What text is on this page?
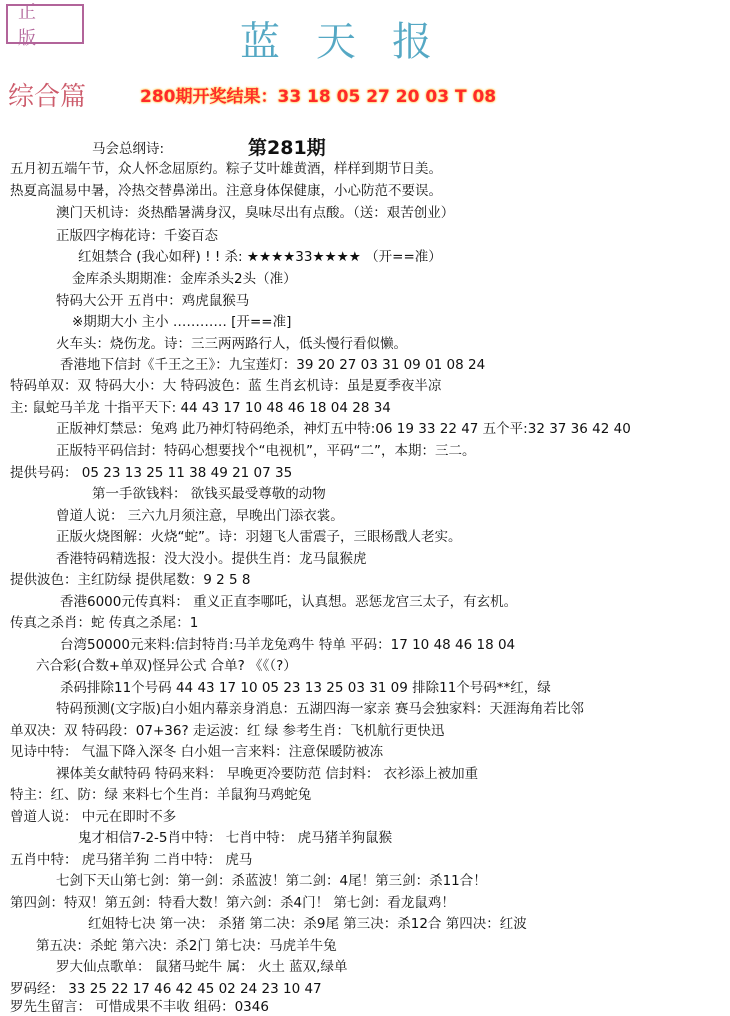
正 版	蓝天报
综合篇	280期开奖结果：33 18 05 27 20 03 T 08
第281期
马会总纲诗:
五月初五端午节，众人怀念屈原约。粽子艾叶雄黄酒，样样到期节日美。
热夏高温易中暑，冷热交替鼻涕出。注意身体保健康，小心防范不要误。
澳门天机诗：炎热酷暑满身汉，臭味尽出有点酸。（送：艰苦创业）
正版四字梅花诗：千姿百态
红姐禁合 (我心如秤) ! ! 杀: ★★★★33★★★★ （开==准）
金库杀头期期准：金库杀头2头（准）
特码大公开 五肖中：鸡虎鼠猴马
※期期大小 主小 ………… [开==准]
火车头：烧伤龙。诗：三三两两路行人，低头慢行看似懒。
香港地下信封《千王之王》：九宝莲灯：39 20 27 03 31 09 01 08 24
特码单双：双 特码大小：大 特码波色：蓝 生肖玄机诗：虽是夏季夜半凉
主: 鼠蛇马羊龙 十指平天下: 44 43 17 10 48 46 18 04 28 34
正版神灯禁忌：兔鸡 此乃神灯特码绝杀，神灯五中特:06 19 33 22 47 五个平:32 37 36 42 40
正版特平码信封：特码心想要找个“电视机”，平码“二”，本期：三二。
提供号码： 05 23 13 25 11 38 49 21 07 35
第一手欲钱料： 欲钱买最受尊敬的动物
曾道人说： 三六九月须注意，早晚出门添衣裳。
正版火烧图解：火烧“蛇”。诗：羽翅飞人雷震子，三眼杨戬人老实。
香港特码精选报：没大没小。提供生肖：龙马鼠猴虎
提供波色：主红防绿 提供尾数：9 2 5 8
香港6000元传真料： 重义正直李哪吒，认真想。恶惩龙宫三太子，有玄机。
传真之杀肖：蛇 传真之杀尾：1
台湾50000元来料:信封特肖:马羊龙兔鸡牛 特单 平码：17 10 48 46 18 04
六合彩(合数+单双)怪异公式 合单? 《《（?）
杀码排除11个号码 44 43 17 10 05 23 13 25 03 31 09 排除11个号码**红，绿
特码预测(文字版)白小姐内幕亲身消息：五湖四海一家亲 赛马会独家料：天涯海角若比邻
单双决：双 特码段：07+36? 走运波：红 绿 参考生肖：飞机航行更快迅
见诗中特： 气温下降入深冬 白小姐一言来料：注意保暖防被冻
裸体美女献特码 特码来料： 早晚更冷要防范 信封料： 衣衫添上被加重
特主：红、防：绿 来料七个生肖：羊鼠狗马鸡蛇兔
曾道人说： 中元在即时不多
鬼才相信7-2-5肖中特： 七肖中特： 虎马猪羊狗鼠猴
五肖中特： 虎马猪羊狗 二肖中特： 虎马
七剑下天山第七剑：第一剑：杀蓝波！第二剑：4尾！第三剑：杀11合！
第四剑：特双！第五剑：特看大数！第六剑：杀4门！ 第七剑：看龙鼠鸡！
红姐特七决 第一决： 杀猪 第二决：杀9尾 第三决：杀12合 第四决：红波
第五决：杀蛇 第六决：杀2门 第七决：马虎羊牛兔
罗大仙点歌单： 鼠猪马蛇牛 属： 火土 蓝双,绿单
罗码经： 33 25 22 17 46 42 45 02 24 23 10 47
罗先生留言： 可惜成果不丰收 组码：0346
